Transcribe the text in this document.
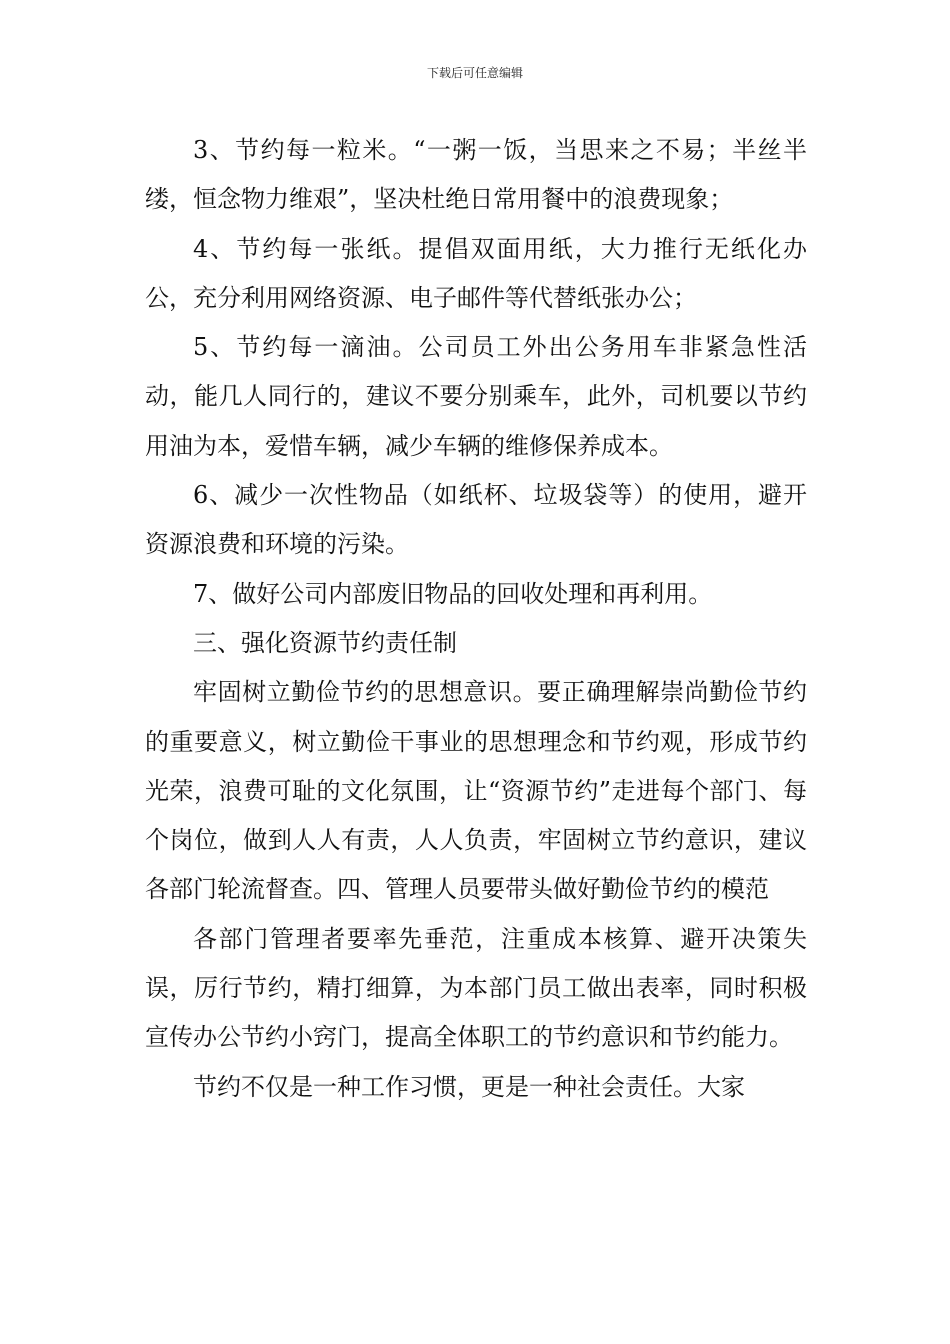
下载后可任意编辑

3、节约每一粒米。“一粥一饭，当思来之不易；半丝半缕，恒念物力维艰”，坚决杜绝日常用餐中的浪费现象；

4、节约每一张纸。提倡双面用纸，大力推行无纸化办公，充分利用网络资源、电子邮件等代替纸张办公；

5、节约每一滴油。公司员工外出公务用车非紧急性活动，能几人同行的，建议不要分别乘车，此外，司机要以节约用油为本，爱惜车辆，减少车辆的维修保养成本。

6、减少一次性物品（如纸杯、垃圾袋等）的使用，避开资源浪费和环境的污染。

7、做好公司内部废旧物品的回收处理和再利用。

三、强化资源节约责任制

牢固树立勤俭节约的思想意识。要正确理解崇尚勤俭节约的重要意义，树立勤俭干事业的思想理念和节约观，形成节约光荣，浪费可耻的文化氛围，让“资源节约”走进每个部门、每个岗位，做到人人有责，人人负责，牢固树立节约意识，建议各部门轮流督查。四、管理人员要带头做好勤俭节约的模范

各部门管理者要率先垂范，注重成本核算、避开决策失误，厉行节约，精打细算，为本部门员工做出表率，同时积极宣传办公节约小窍门，提高全体职工的节约意识和节约能力。

节约不仅是一种工作习惯，更是一种社会责任。大家
